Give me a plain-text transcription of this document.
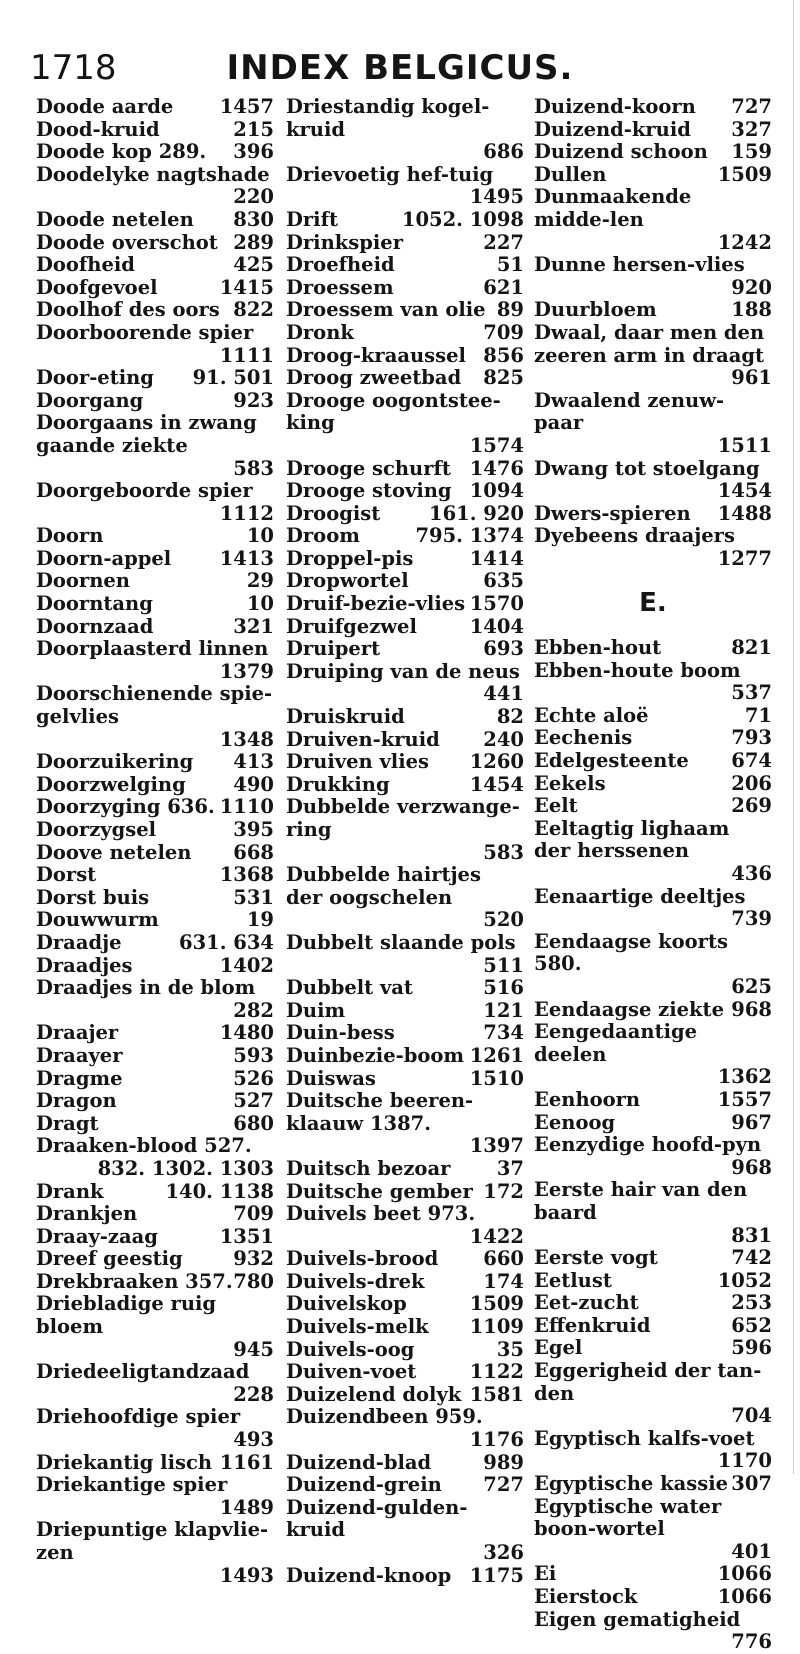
1718	INDEX BELGICUS.
Doode aarde 1457
Dood-kruid	215
Doode kop 289. 396
Doodelyke nagtshade
220
Doode netelen 830
Doode overschot 289
Doofheid	425
Doofgevoel	1415
Doolhof des oors 822
Doorboorende spier
1111
Door-eting 91. 501
Doorgang	923
Doorgaans in zwang gaande ziekte
583
Doorgeboorde spier
1112
Doorn	10
Doorn-appel 1413
Doornen	29
Doorntang	10
Doornzaad	321
Doorplaasterd linnen
1379
Doorschienende spie-gelvlies
1348
Doorzuikering 413
Doorzwelging 490
Doorzyging 636. 1110
Doorzygsel	395
Doove netelen 668
Dorst	1368
Dorst buis	531
Douwwurm	19
Draadje	631. 634
Draadjes	1402
Draadjes in de blom
282
Draajer	1480
Draayer	593
Dragme	526
Dragon	527
Dragt	680
Draaken-blood 527.
832. 1302. 1303
Drank	140. 1138
Drankjen	709
Draay-zaag	1351
Dreef geestig	932
Drekbraaken 357. 780
Driebladige ruig bloem
945
Driedeeligtandzaad
228
Driehoofdige spier
493
Driekantig lisch 1161
Driekantige spier
1489
Driepuntige klapvlie-zen
1493
Driestandig kogel-kruid
686
Drievoetig hef-tuig
1495
Drift	1052. 1098
Drinkspier	227
Droefheid	51
Droessem	621
Droessem van olie 89
Dronk	709
Droog-kraaussel 856
Droog zweetbad 825
Drooge oogontstee-king
1574
Drooge schurft 1476
Drooge stoving 1094
Droogist	161. 920
Droom	795. 1374
Droppel-pis	1414
Dropwortel	635
Druif-bezie-vlies 1570
Druifgezwel	1404
Druipert	693
Druiping van de neus
441
Druiskruid	82
Druiven-kruid 240
Druiven vlies 1260
Drukking	1454
Dubbelde verzwange-ring
583
Dubbelde hairtjes der oogschelen
520
Dubbelt slaande pols
511
Dubbelt vat	516
Duim	121
Duin-bess	734
Duinbezie-boom 1261
Duiswas	1510
Duitsche beeren-klaauw 1387.
1397
Duitsch bezoar 37
Duitsche gember 172
Duivels beet 973.
1422
Duivels-brood 660
Duivels-drek	174
Duivelskop	1509
Duivels-melk 1109
Duivels-oog	35
Duiven-voet	1122
Duizelend dolyk 1581
Duizendbeen 959.
1176
Duizend-blad	989
Duizend-grein 727
Duizend-gulden-kruid
326
Duizend-knoop 1175
Duizend-koorn 727
Duizend-kruid 327
Duizend schoon 159
Dullen	1509
Dunmaakende midde-len
1242
Dunne hersen-vlies
920
Duurbloem	188
Dwaal, daar men den zeeren arm in draagt
961
Dwaalend zenuw-paar
1511
Dwang tot stoelgang
1454
Dwers-spieren 1488
Dyebeens draajers
1277
E.
Ebben-hout	821
Ebben-houte boom
537
Echte aloë	71
Eechenis	793
Edelgesteente 674
Eekels	206
Eelt	269
Eeltagtig lighaam der herssenen
436
Eenaartige deeltjes
739
Eendaagse koorts 580.
625
Eendaagse ziekte 968
Eengedaantige deelen
1362
Eenhoorn	1557
Eenoog	967
Eenzydige hoofd-pyn
968
Eerste hair van den baard
831
Eerste vogt	742
Eetlust	1052
Eet-zucht	253
Effenkruid	652
Egel	596
Eggerigheid der tan-den
704
Egyptisch kalfs-voet
1170
Egyptische kassie 307
Egyptische water boon-wortel
401
Ei	1066
Eierstock	1066
Eigen gematigheid
776
